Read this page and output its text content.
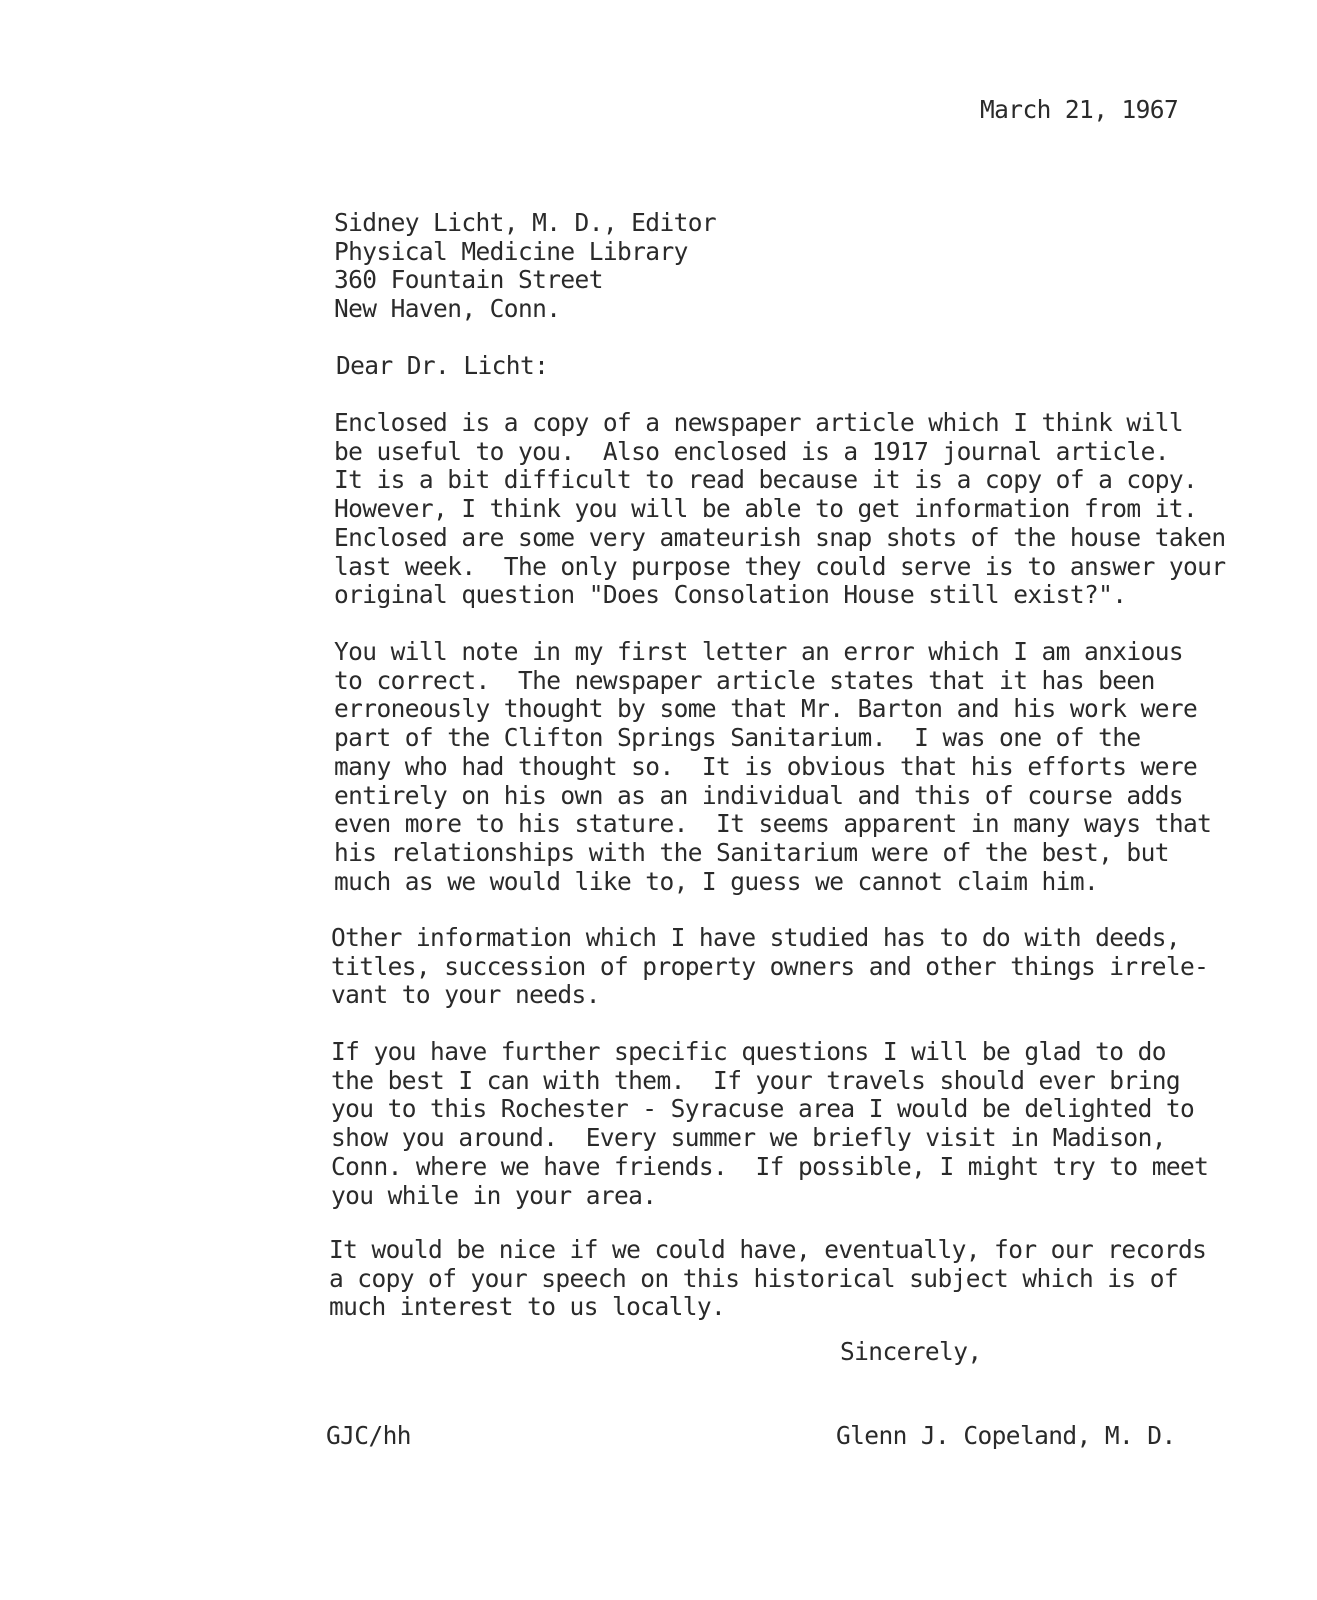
March 21, 1967
Sidney Licht, M. D., Editor
Physical Medicine Library
360 Fountain Street
New Haven, Conn.
Dear Dr. Licht:
Enclosed is a copy of a newspaper article which I think will
be useful to you.  Also enclosed is a 1917 journal article.
It is a bit difficult to read because it is a copy of a copy.
However, I think you will be able to get information from it.
Enclosed are some very amateurish snap shots of the house taken
last week.  The only purpose they could serve is to answer your
original question "Does Consolation House still exist?".
You will note in my first letter an error which I am anxious
to correct.  The newspaper article states that it has been
erroneously thought by some that Mr. Barton and his work were
part of the Clifton Springs Sanitarium.  I was one of the
many who had thought so.  It is obvious that his efforts were
entirely on his own as an individual and this of course adds
even more to his stature.  It seems apparent in many ways that
his relationships with the Sanitarium were of the best, but
much as we would like to, I guess we cannot claim him.
Other information which I have studied has to do with deeds,
titles, succession of property owners and other things irrele-
vant to your needs.
If you have further specific questions I will be glad to do
the best I can with them.  If your travels should ever bring
you to this Rochester - Syracuse area I would be delighted to
show you around.  Every summer we briefly visit in Madison,
Conn. where we have friends.  If possible, I might try to meet
you while in your area.
It would be nice if we could have, eventually, for our records
a copy of your speech on this historical subject which is of
much interest to us locally.
Sincerely,
GJC/hh	Glenn J. Copeland, M. D.
